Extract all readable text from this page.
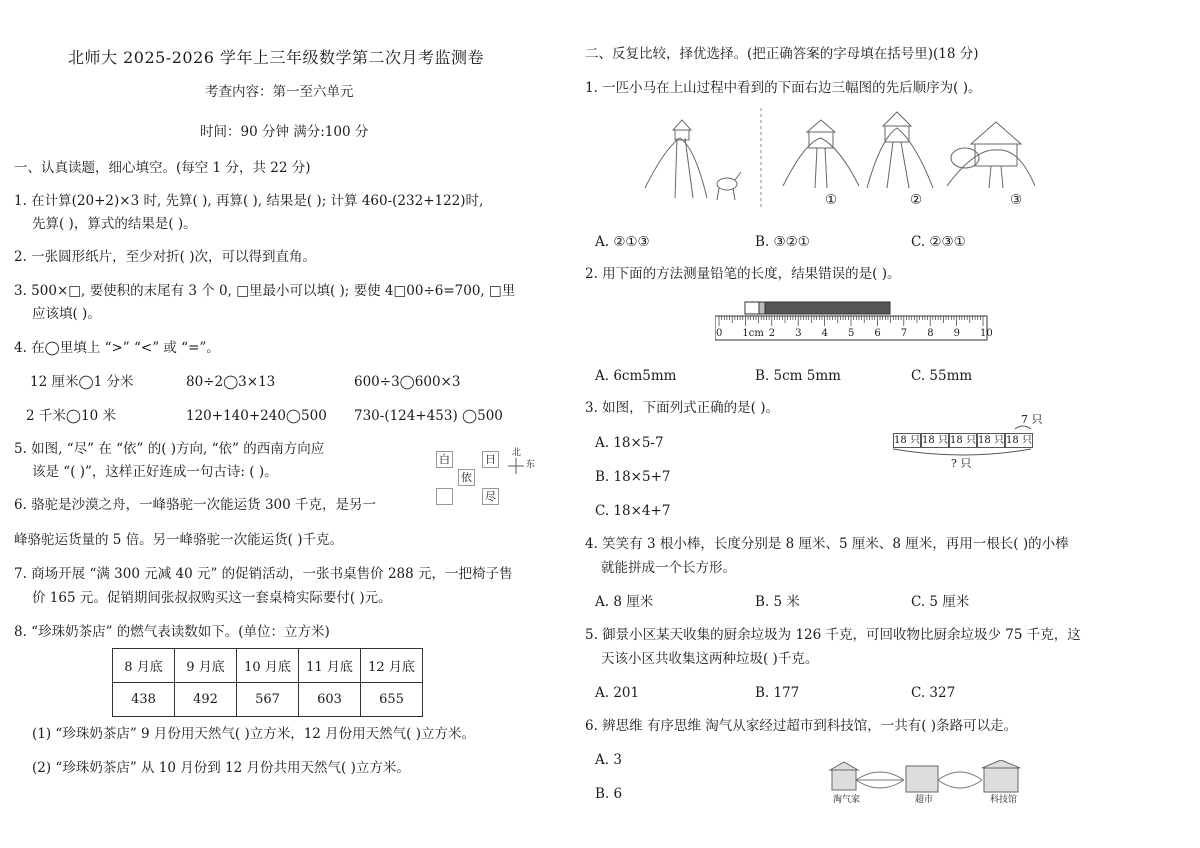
北师大 2025-2026 学年上三年级数学第二次月考监测卷
考查内容：第一至六单元
时间：90 分钟 满分:100 分
一、认真读题，细心填空。(每空 1 分，共 22 分)
1. 在计算(20+2)×3 时, 先算( ), 再算( ), 结果是( ); 计算 460-(232+122)时,
先算( )，算式的结果是( )。
2. 一张圆形纸片，至少对折( )次，可以得到直角。
3. 500×□, 要使积的末尾有 3 个 0, □里最小可以填( ); 要使 4□00÷6=700, □里
应该填( )。
4. 在◯里填上 “>” “<” 或 “=”。
12 厘米◯1 分米	80÷2◯3×13	600÷3◯600×3
2 千米◯10 米	120+140+240◯500 730-(124+453) ◯500
5. 如图, “尽” 在 “依” 的( )方向, “依” 的西南方向应
该是 “( )”，这样正好连成一句古诗: ( )。
白	日
依
尽
北
东
6. 骆驼是沙漠之舟，一峰骆驼一次能运货 300 千克，是另一
峰骆驼运货量的 5 倍。另一峰骆驼一次能运货( )千克。
7. 商场开展 “满 300 元减 40 元” 的促销活动，一张书桌售价 288 元，一把椅子售
价 165 元。促销期间张叔叔购买这一套桌椅实际要付( )元。
8. “珍珠奶茶店” 的燃气表读数如下。(单位：立方米)
8 月底	9 月底	10 月底	11 月底	12 月底
438	492	567	603	655
(1) “珍珠奶茶店” 9 月份用天然气( )立方米，12 月份用天然气( )立方米。
(2) “珍珠奶茶店” 从 10 月份到 12 月份共用天然气( )立方米。
二、反复比较，择优选择。(把正确答案的字母填在括号里)(18 分)
1. 一匹小马在上山过程中看到的下面右边三幅图的先后顺序为( )。
①	②	③
A. ②①③	B. ③②①	C. ②③①
2. 用下面的方法测量铅笔的长度，结果错误的是( )。
0 1cm 2 3 4 5 6 7 8 9 10
A. 6cm5mm	B. 5cm 5mm	C. 55mm
3. 如图，下面列式正确的是( )。
7 只
18 只 18 只 18 只 18 只 18 只
? 只
A. 18×5-7
B. 18×5+7
C. 18×4+7
4. 笑笑有 3 根小棒，长度分别是 8 厘米、5 厘米、8 厘米，再用一根长( )的小棒
就能拼成一个长方形。
A. 8 厘米	B. 5 米	C. 5 厘米
5. 御景小区某天收集的厨余垃圾为 126 千克，可回收物比厨余垃圾少 75 千克，这
天该小区共收集这两种垃圾( )千克。
A. 201	B. 177	C. 327
6. 辨思维 有序思维 淘气从家经过超市到科技馆，一共有( )条路可以走。
A. 3
B. 6	淘气家	超市	科技馆
